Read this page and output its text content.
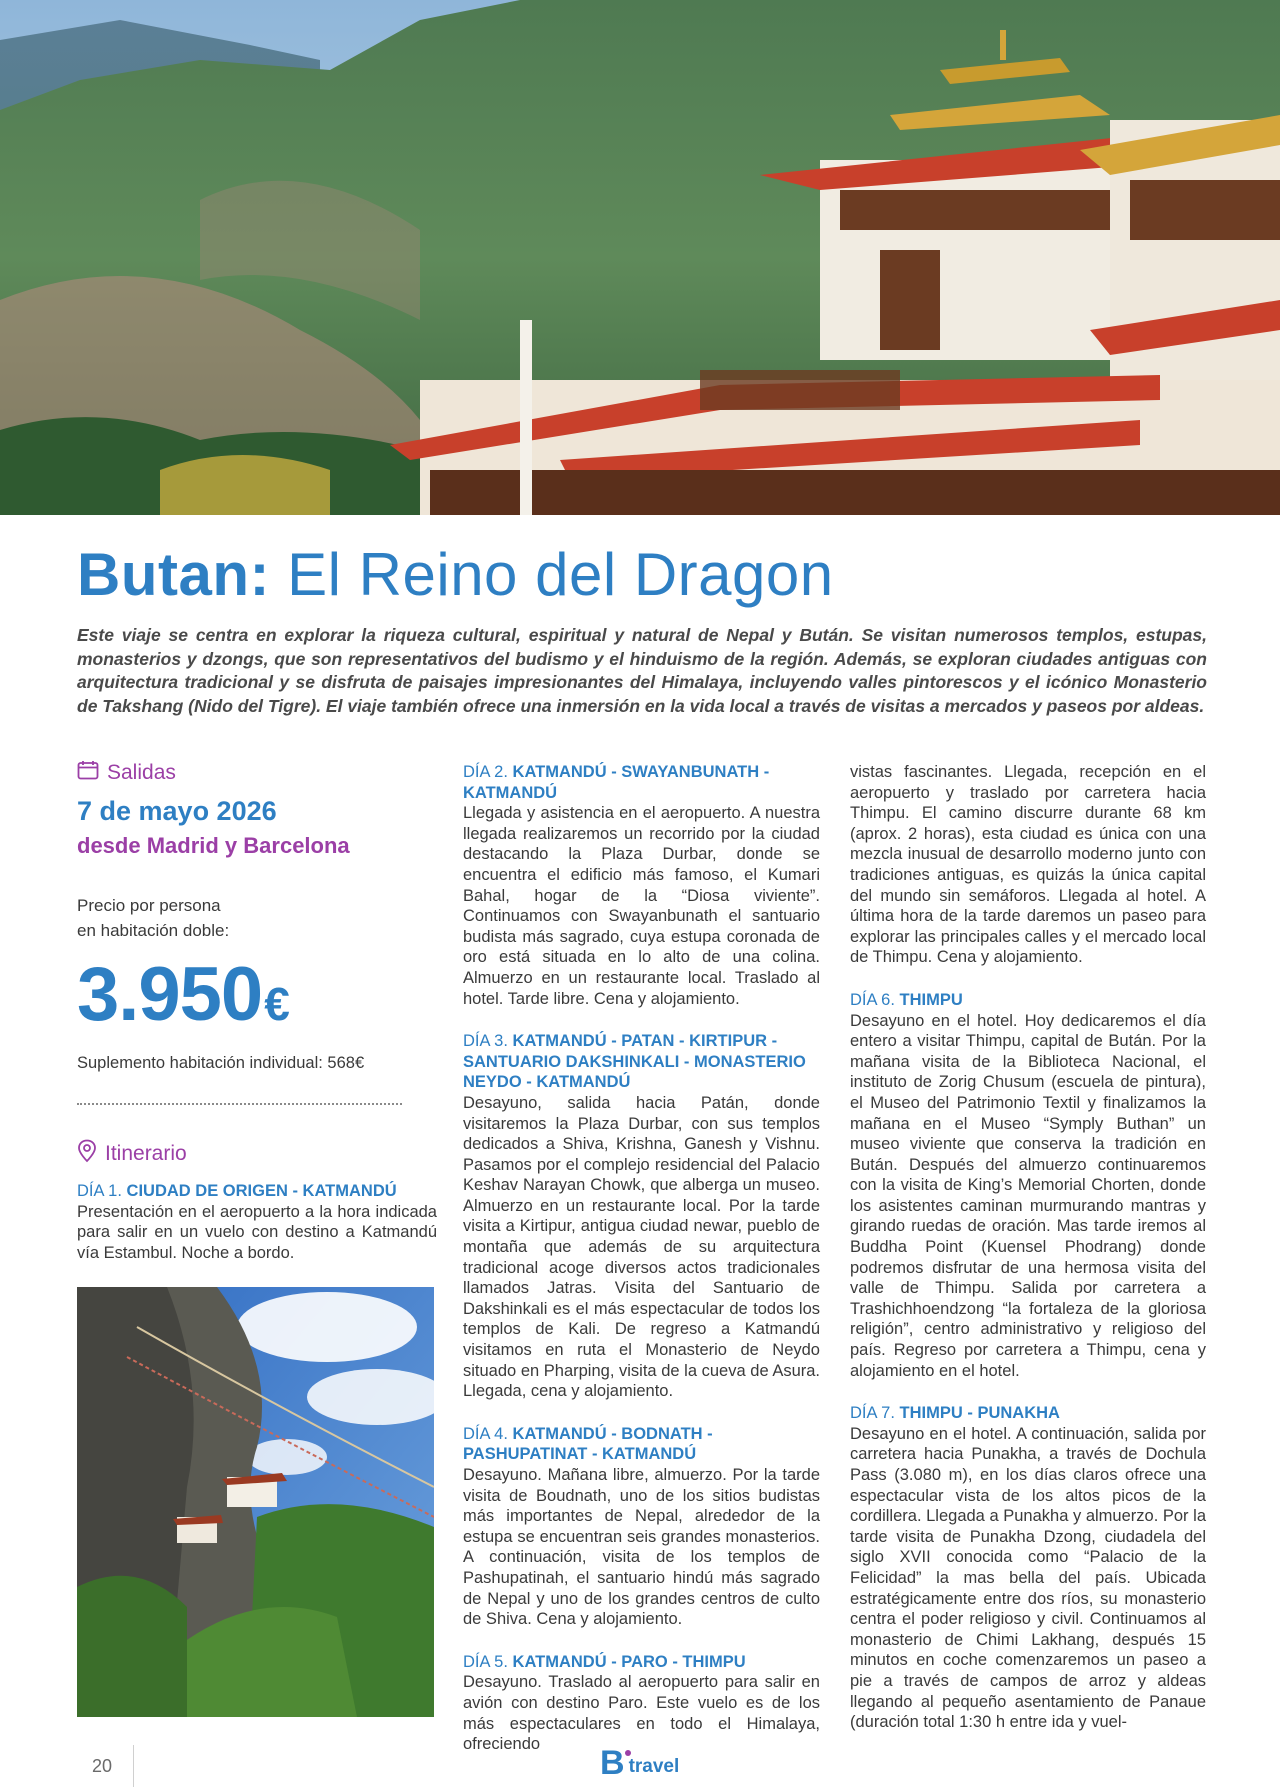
Butan: El Reino del Dragon

Este viaje se centra en explorar la riqueza cultural, espiritual y natural de Nepal y Bután. Se visitan numerosos templos, estupas, monasterios y dzongs, que son representativos del budismo y el hinduismo de la región. Además, se exploran ciudades antiguas con arquitectura tradicional y se disfruta de paisajes impresionantes del Himalaya, incluyendo valles pintorescos y el icónico Monasterio de Takshang (Nido del Tigre). El viaje también ofrece una inmersión en la vida local a través de visitas a mercados y paseos por aldeas.

Salidas
7 de mayo 2026
desde Madrid y Barcelona
Precio por persona
en habitación doble:
3.950 €
Suplemento habitación individual: 568€
Itinerario
DÍA 1. CIUDAD DE ORIGEN - KATMANDÚ

Presentación en el aeropuerto a la hora indicada para salir en un vuelo con destino a Katmandú vía Estambul. Noche a bordo.

DÍA 2. KATMANDÚ - SWAYANBUNATH - KATMANDÚ

Llegada y asistencia en el aeropuerto. A nuestra llegada realizaremos un recorrido por la ciudad destacando la Plaza Durbar, donde se encuentra el edificio más famoso, el Kumari Bahal, hogar de la “Diosa viviente”. Continuamos con Swayanbunath el santuario budista más sagrado, cuya estupa coronada de oro está situada en lo alto de una colina. Almuerzo en un restaurante local. Traslado al hotel. Tarde libre. Cena y alojamiento.

DÍA 3. KATMANDÚ - PATAN - KIRTIPUR - SANTUARIO DAKSHINKALI - MONASTERIO NEYDO - KATMANDÚ

Desayuno, salida hacia Patán, donde visitaremos la Plaza Durbar, con sus templos dedicados a Shiva, Krishna, Ganesh y Vishnu. Pasamos por el complejo residencial del Palacio Keshav Narayan Chowk, que alberga un museo. Almuerzo en un restaurante local. Por la tarde visita a Kirtipur, antigua ciudad newar, pueblo de montaña que además de su arquitectura tradicional acoge diversos actos tradicionales llamados Jatras. Visita del Santuario de Dakshinkali es el más espectacular de todos los templos de Kali. De regreso a Katmandú visitamos en ruta el Monasterio de Neydo situado en Pharping, visita de la cueva de Asura. Llegada, cena y alojamiento.

DÍA 4. KATMANDÚ - BODNATH - PASHUPATINAT - KATMANDÚ

Desayuno. Mañana libre, almuerzo. Por la tarde visita de Boudnath, uno de los sitios budistas más importantes de Nepal, alrededor de la estupa se encuentran seis grandes monasterios. A continuación, visita de los templos de Pashupatinah, el santuario hindú más sagrado de Nepal y uno de los grandes centros de culto de Shiva. Cena y alojamiento.

DÍA 5. KATMANDÚ - PARO - THIMPU

Desayuno. Traslado al aeropuerto para salir en avión con destino Paro. Este vuelo es de los más espectaculares en todo el Himalaya, ofreciendo

vistas fascinantes. Llegada, recepción en el aeropuerto y traslado por carretera hacia Thimpu. El camino discurre durante 68 km (aprox. 2 horas), esta ciudad es única con una mezcla inusual de desarrollo moderno junto con tradiciones antiguas, es quizás la única capital del mundo sin semáforos. Llegada al hotel. A última hora de la tarde daremos un paseo para explorar las principales calles y el mercado local de Thimpu. Cena y alojamiento.

DÍA 6. THIMPU

Desayuno en el hotel. Hoy dedicaremos el día entero a visitar Thimpu, capital de Bután. Por la mañana visita de la Biblioteca Nacional, el instituto de Zorig Chusum (escuela de pintura), el Museo del Patrimonio Textil y finalizamos la mañana en el Museo “Symply Buthan” un museo viviente que conserva la tradición en Bután. Después del almuerzo continuaremos con la visita de King’s Memorial Chorten, donde los asistentes caminan murmurando mantras y girando ruedas de oración. Mas tarde iremos al Buddha Point (Kuensel Phodrang) donde podremos disfrutar de una hermosa visita del valle de Thimpu. Salida por carretera a Trashichhoendzong “la fortaleza de la gloriosa religión”, centro administrativo y religioso del país. Regreso por carretera a Thimpu, cena y alojamiento en el hotel.

DÍA 7. THIMPU - PUNAKHA

Desayuno en el hotel. A continuación, salida por carretera hacia Punakha, a través de Dochula Pass (3.080 m), en los días claros ofrece una espectacular vista de los altos picos de la cordillera. Llegada a Punakha y almuerzo. Por la tarde visita de Punakha Dzong, ciudadela del siglo XVII conocida como “Palacio de la Felicidad” la mas bella del país. Ubicada estratégicamente entre dos ríos, su monasterio centra el poder religioso y civil. Continuamos al monasterio de Chimi Lakhang, después 15 minutos en coche comenzaremos un paseo a pie a través de campos de arroz y aldeas llegando al pequeño asentamiento de Panaue (duración total 1:30 h entre ida y vuel-

20	B travel
